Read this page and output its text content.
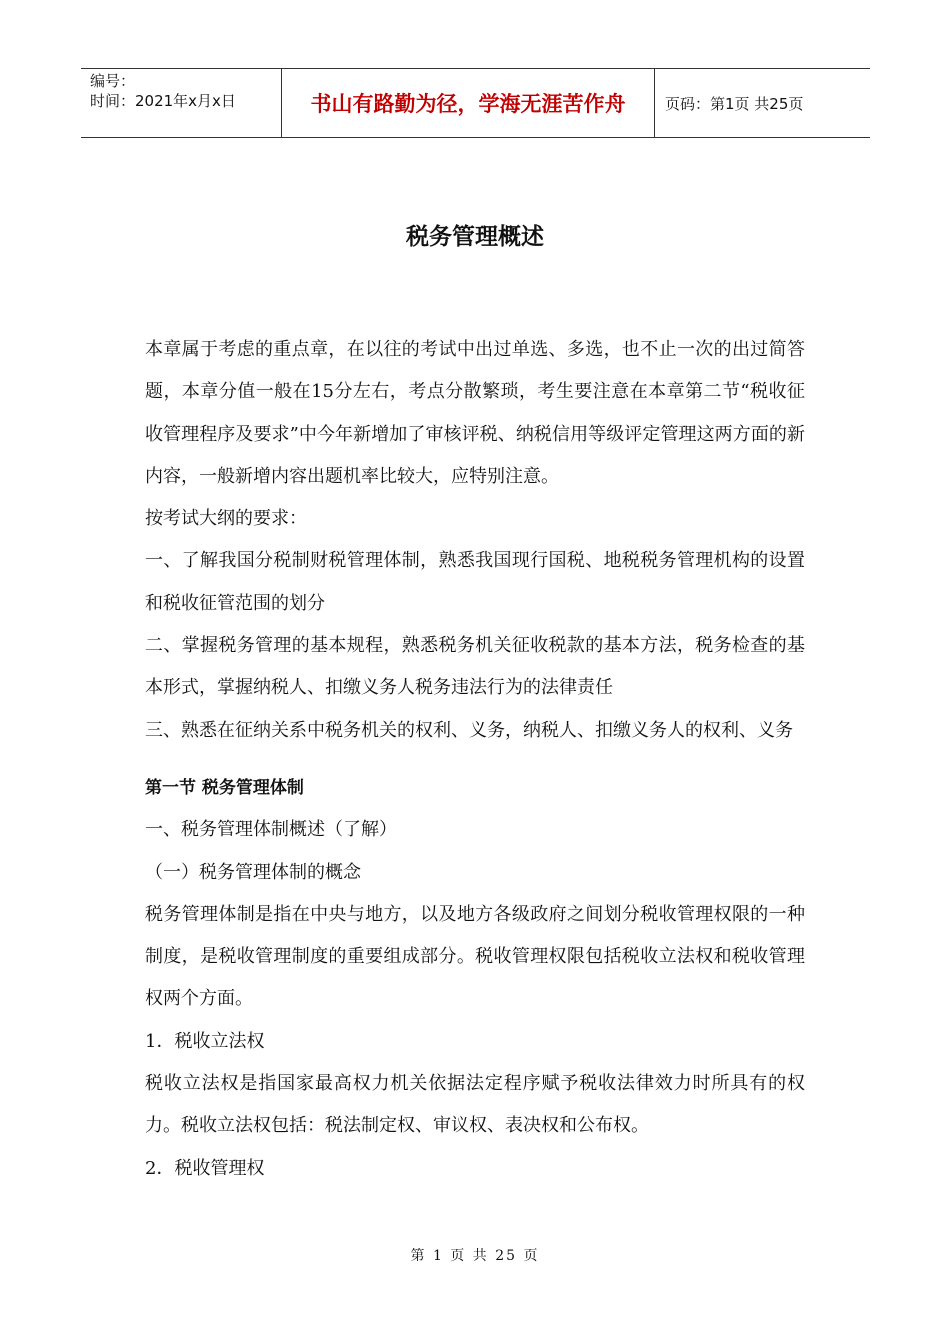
编号：
时间：2021年x月x日	书山有路勤为径，学海无涯苦作舟	页码：第1页 共25页
税务管理概述

本章属于考虑的重点章，在以往的考试中出过单选、多选，也不止一次的出过简答题，本章分值一般在15分左右，考点分散繁琐，考生要注意在本章第二节“税收征收管理程序及要求”中今年新增加了审核评税、纳税信用等级评定管理这两方面的新内容，一般新增内容出题机率比较大，应特别注意。

按考试大纲的要求：

一、了解我国分税制财税管理体制，熟悉我国现行国税、地税税务管理机构的设置和税收征管范围的划分

二、掌握税务管理的基本规程，熟悉税务机关征收税款的基本方法，税务检查的基本形式，掌握纳税人、扣缴义务人税务违法行为的法律责任

三、熟悉在征纳关系中税务机关的权利、义务，纳税人、扣缴义务人的权利、义务

第一节 税务管理体制

一、税务管理体制概述（了解）

（一）税务管理体制的概念

税务管理体制是指在中央与地方，以及地方各级政府之间划分税收管理权限的一种制度，是税收管理制度的重要组成部分。税收管理权限包括税收立法权和税收管理权两个方面。

1．税收立法权

税收立法权是指国家最高权力机关依据法定程序赋予税收法律效力时所具有的权力。税收立法权包括：税法制定权、审议权、表决权和公布权。

2．税收管理权

第 1 页 共 25 页
